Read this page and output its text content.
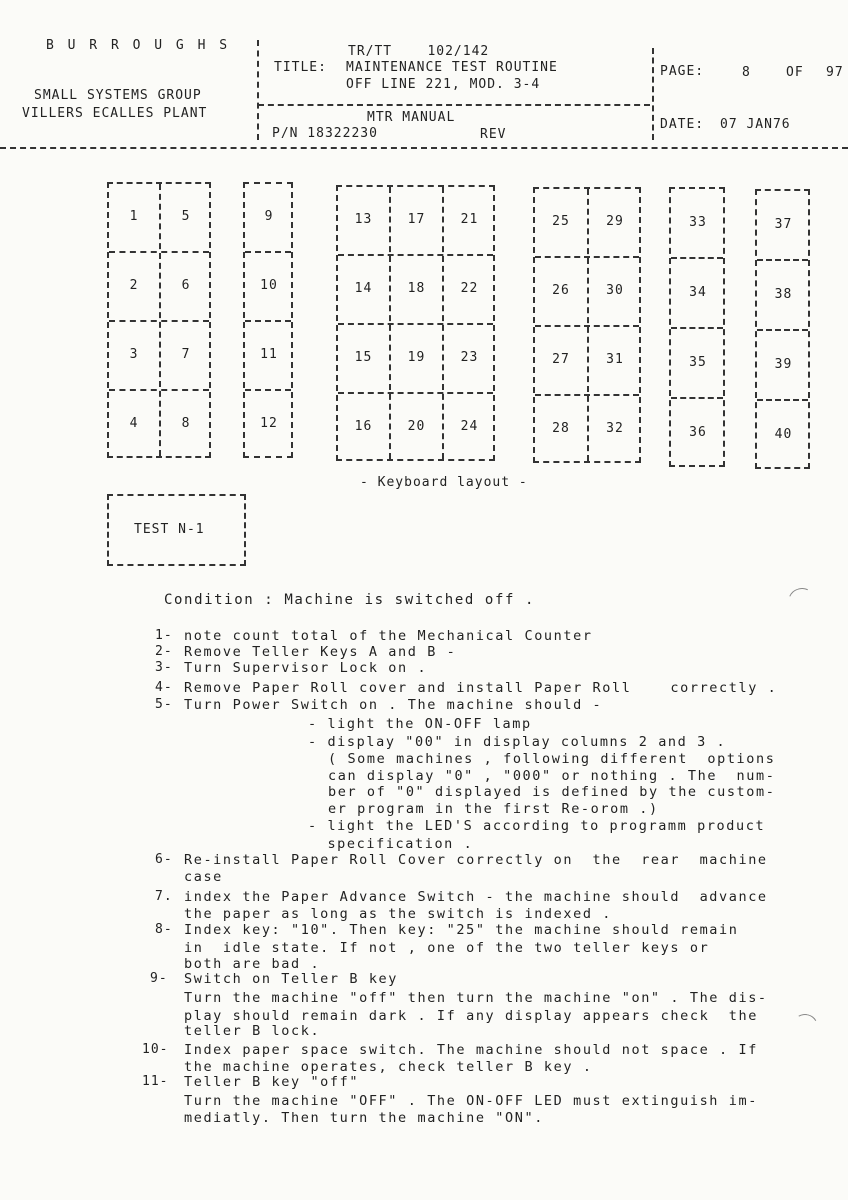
B U R R O U G H S
SMALL SYSTEMS GROUP
VILLERS ECALLES PLANT
TR/TT    102/142
TITLE: MAINTENANCE TEST ROUTINE
OFF LINE 221, MOD. 3-4
MTR MANUAL
P/N 18322230	REV
PAGE:	8	OF 97
DATE: 07 JAN76
1	5
2	6
3	7
4	8
9
10
11
12
13	17	21
14	18	22
15	19	23
16	20	24
25	29
26	30
27	31
28	32
33
34
35
36
37
38
39
40
- Keyboard layout -
TEST N-1
Condition : Machine is switched off .
1- note count total of the Mechanical Counter
2- Remove Teller Keys A and B -
3- Turn Supervisor Lock on .
4- Remove Paper Roll cover and install Paper Roll    correctly .
5- Turn Power Switch on . The machine should -
- light the ON-OFF lamp
- display "00" in display columns 2 and 3 .
( Some machines , following different  options
can display "0" , "000" or nothing . The  num-
ber of "0" displayed is defined by the custom-
er program in the first Re-orom .)
- light the LED'S according to programm product
specification .
6- Re-install Paper Roll Cover correctly on  the  rear  machine
case
7. index the Paper Advance Switch - the machine should  advance
the paper as long as the switch is indexed .
8- Index key: "10". Then key: "25" the machine should remain
in  idle state. If not , one of the two teller keys or
both are bad .
9- Switch on Teller B key
Turn the machine "off" then turn the machine "on" . The dis-
play should remain dark . If any display appears check  the
teller B lock.
10- Index paper space switch. The machine should not space . If
the machine operates, check teller B key .
11- Teller B key "off"
Turn the machine "OFF" . The ON-OFF LED must extinguish im-
mediatly. Then turn the machine "ON".
